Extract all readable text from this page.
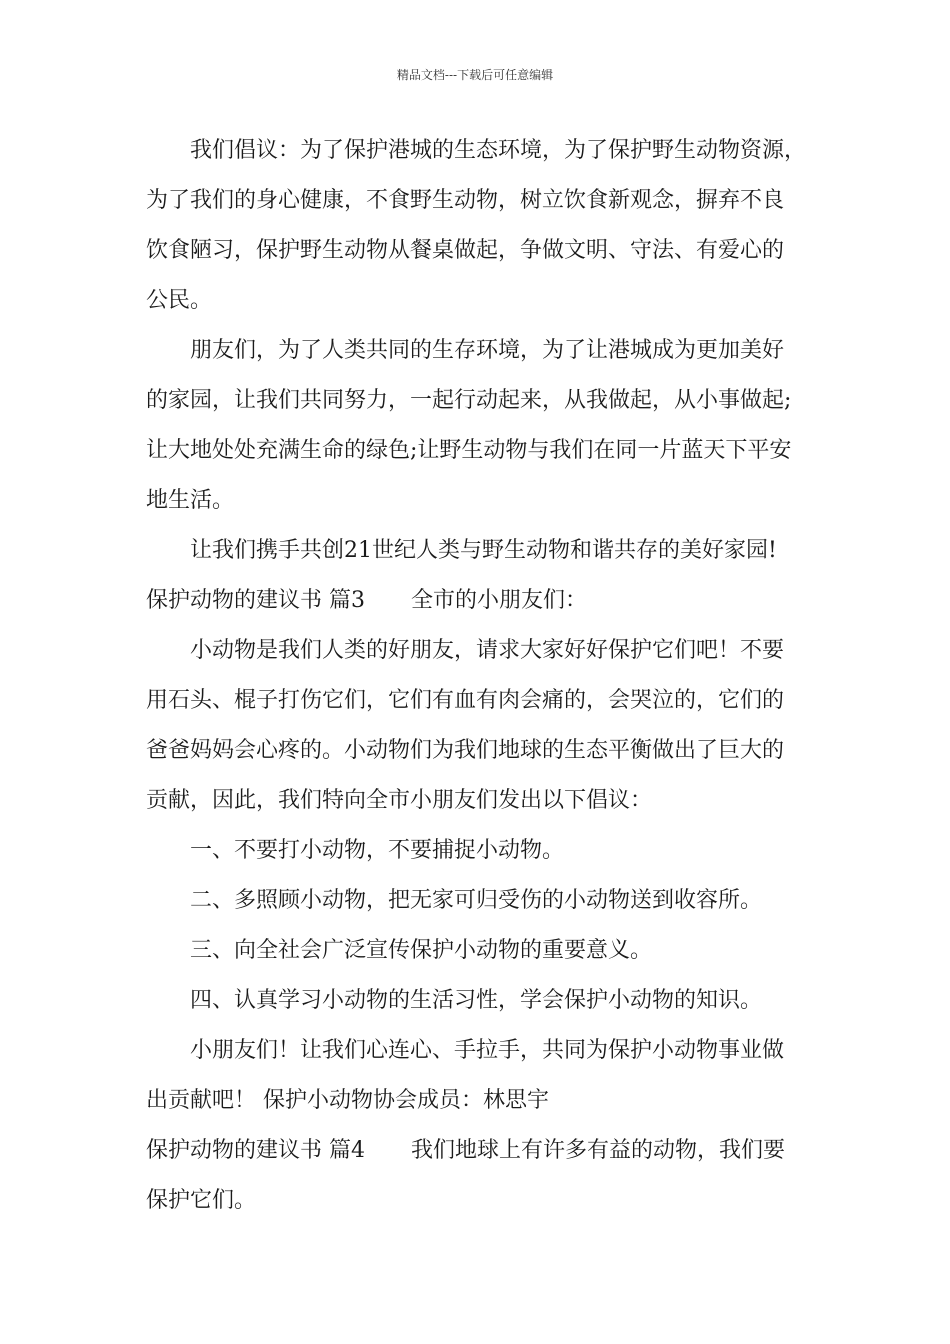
精品文档---下载后可任意编辑
我们倡议：为了保护港城的生态环境，为了保护野生动物资源，
为了我们的身心健康，不食野生动物，树立饮食新观念，摒弃不良
饮食陋习，保护野生动物从餐桌做起，争做文明、守法、有爱心的
公民。
朋友们，为了人类共同的生存环境，为了让港城成为更加美好
的家园，让我们共同努力，一起行动起来，从我做起，从小事做起;
让大地处处充满生命的绿色;让野生动物与我们在同一片蓝天下平安
地生活。
让我们携手共创21世纪人类与野生动物和谐共存的美好家园!
保护动物的建议书 篇3 全市的小朋友们：
小动物是我们人类的好朋友，请求大家好好保护它们吧！不要
用石头、棍子打伤它们，它们有血有肉会痛的，会哭泣的，它们的
爸爸妈妈会心疼的。小动物们为我们地球的生态平衡做出了巨大的
贡献，因此，我们特向全市小朋友们发出以下倡议：
一、不要打小动物，不要捕捉小动物。
二、多照顾小动物，把无家可归受伤的小动物送到收容所。
三、向全社会广泛宣传保护小动物的重要意义。
四、认真学习小动物的生活习性，学会保护小动物的知识。
小朋友们！让我们心连心、手拉手，共同为保护小动物事业做
出贡献吧！ 保护小动物协会成员：林思宇
保护动物的建议书 篇4 我们地球上有许多有益的动物，我们要
保护它们。
